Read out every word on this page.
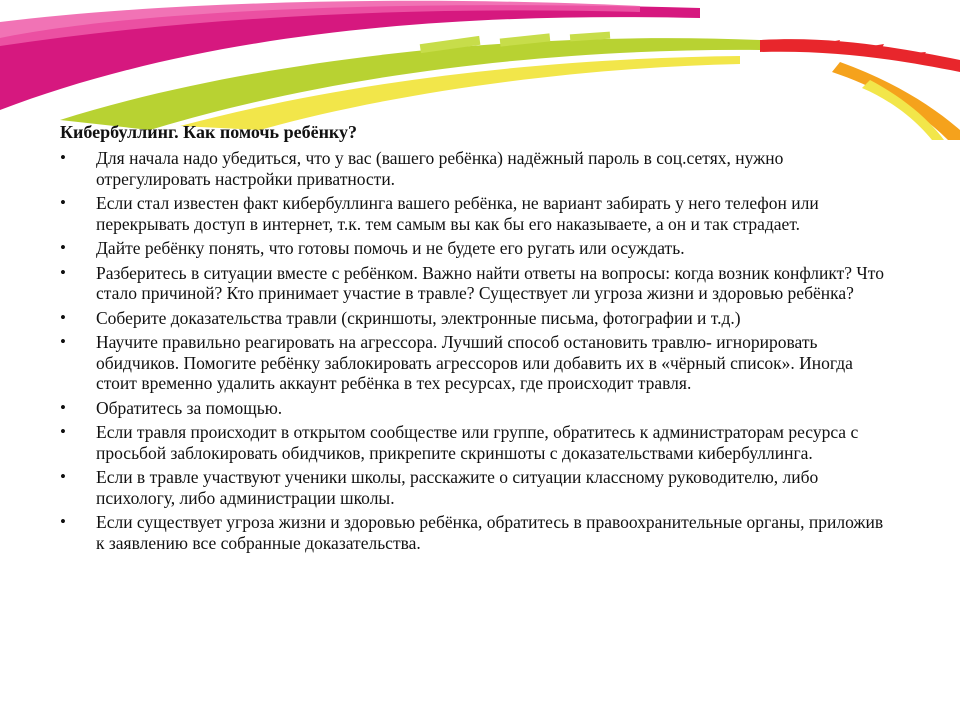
Кибербуллинг. Как помочь ребёнку?
• Для начала надо убедиться, что у вас (вашего ребёнка) надёжный пароль в соц.сетях, нужно отрегулировать настройки приватности.
• Если стал известен факт кибербуллинга вашего ребёнка, не вариант забирать у него телефон или перекрывать доступ в интернет, т.к. тем самым вы как бы его наказываете, а он и так страдает.
• Дайте ребёнку понять, что готовы помочь и не будете его ругать или осуждать.
• Разберитесь в ситуации вместе с ребёнком. Важно найти ответы на вопросы: когда возник конфликт? Что стало причиной? Кто принимает участие в травле? Существует ли угроза жизни и здоровью ребёнка?
• Соберите доказательства травли (скриншоты, электронные письма, фотографии и т.д.)
• Научите правильно реагировать на агрессора. Лучший способ остановить травлю- игнорировать обидчиков. Помогите ребёнку заблокировать агрессоров или добавить их в «чёрный список». Иногда стоит временно удалить аккаунт ребёнка в тех ресурсах, где происходит травля.
• Обратитесь за помощью.
• Если травля происходит в открытом сообществе или группе, обратитесь к администраторам ресурса с просьбой заблокировать обидчиков, прикрепите скриншоты с доказательствами кибербуллинга.
• Если в травле участвуют ученики школы, расскажите о ситуации классному руководителю, либо психологу, либо администрации школы.
• Если существует угроза жизни и здоровью ребёнка, обратитесь в правоохранительные органы, приложив к заявлению все собранные доказательства.
